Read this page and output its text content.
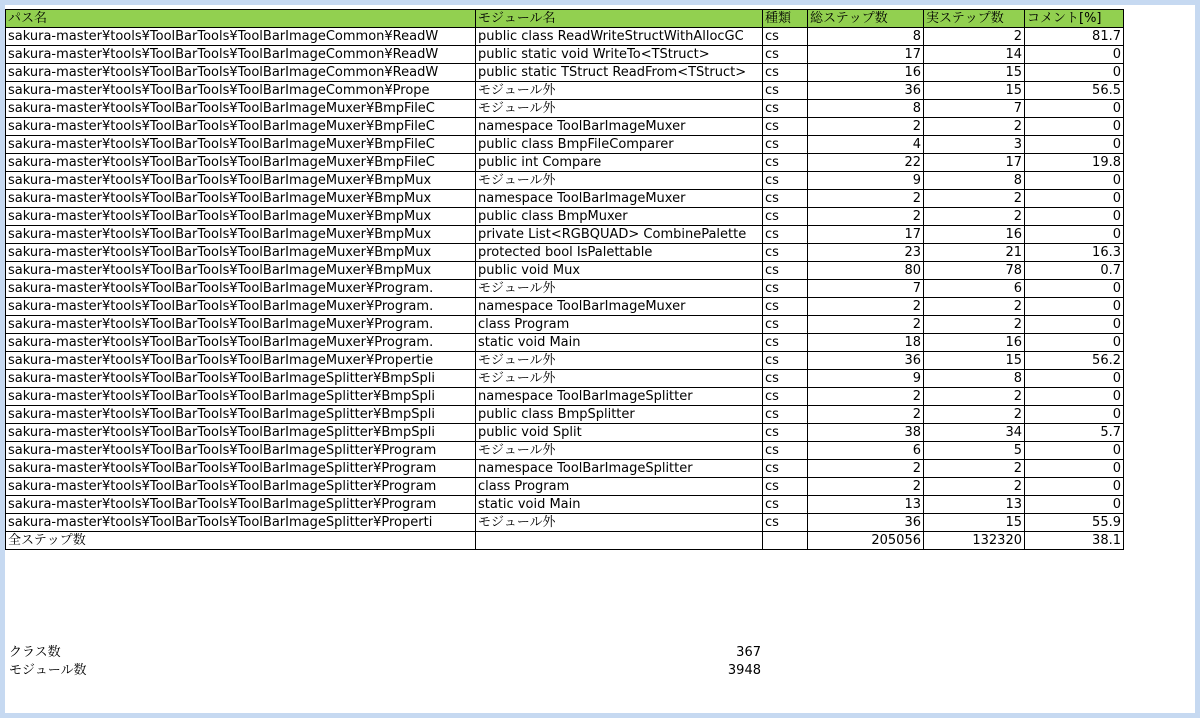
パス名	モジュール名	種類	総ステップ数	実ステップ数	コメント[%]
sakura-master¥tools¥ToolBarTools¥ToolBarImageCommon¥ReadW	public class ReadWriteStructWithAllocGC	cs	8	2	81.7
sakura-master¥tools¥ToolBarTools¥ToolBarImageCommon¥ReadW	public static void WriteTo<TStruct>	cs	17	14	0
sakura-master¥tools¥ToolBarTools¥ToolBarImageCommon¥ReadW	public static TStruct ReadFrom<TStruct>	cs	16	15	0
sakura-master¥tools¥ToolBarTools¥ToolBarImageCommon¥Prope	モジュール外	cs	36	15	56.5
sakura-master¥tools¥ToolBarTools¥ToolBarImageMuxer¥BmpFileC	モジュール外	cs	8	7	0
sakura-master¥tools¥ToolBarTools¥ToolBarImageMuxer¥BmpFileC	namespace ToolBarImageMuxer	cs	2	2	0
sakura-master¥tools¥ToolBarTools¥ToolBarImageMuxer¥BmpFileC	public class BmpFileComparer	cs	4	3	0
sakura-master¥tools¥ToolBarTools¥ToolBarImageMuxer¥BmpFileC	public int Compare	cs	22	17	19.8
sakura-master¥tools¥ToolBarTools¥ToolBarImageMuxer¥BmpMux	モジュール外	cs	9	8	0
sakura-master¥tools¥ToolBarTools¥ToolBarImageMuxer¥BmpMux	namespace ToolBarImageMuxer	cs	2	2	0
sakura-master¥tools¥ToolBarTools¥ToolBarImageMuxer¥BmpMux	public class BmpMuxer	cs	2	2	0
sakura-master¥tools¥ToolBarTools¥ToolBarImageMuxer¥BmpMux	private List<RGBQUAD> CombinePalette	cs	17	16	0
sakura-master¥tools¥ToolBarTools¥ToolBarImageMuxer¥BmpMux	protected bool IsPalettable	cs	23	21	16.3
sakura-master¥tools¥ToolBarTools¥ToolBarImageMuxer¥BmpMux	public void Mux	cs	80	78	0.7
sakura-master¥tools¥ToolBarTools¥ToolBarImageMuxer¥Program.	モジュール外	cs	7	6	0
sakura-master¥tools¥ToolBarTools¥ToolBarImageMuxer¥Program.	namespace ToolBarImageMuxer	cs	2	2	0
sakura-master¥tools¥ToolBarTools¥ToolBarImageMuxer¥Program.	class Program	cs	2	2	0
sakura-master¥tools¥ToolBarTools¥ToolBarImageMuxer¥Program.	static void Main	cs	18	16	0
sakura-master¥tools¥ToolBarTools¥ToolBarImageMuxer¥Propertie	モジュール外	cs	36	15	56.2
sakura-master¥tools¥ToolBarTools¥ToolBarImageSplitter¥BmpSpli	モジュール外	cs	9	8	0
sakura-master¥tools¥ToolBarTools¥ToolBarImageSplitter¥BmpSpli	namespace ToolBarImageSplitter	cs	2	2	0
sakura-master¥tools¥ToolBarTools¥ToolBarImageSplitter¥BmpSpli	public class BmpSplitter	cs	2	2	0
sakura-master¥tools¥ToolBarTools¥ToolBarImageSplitter¥BmpSpli	public void Split	cs	38	34	5.7
sakura-master¥tools¥ToolBarTools¥ToolBarImageSplitter¥Program	モジュール外	cs	6	5	0
sakura-master¥tools¥ToolBarTools¥ToolBarImageSplitter¥Program	namespace ToolBarImageSplitter	cs	2	2	0
sakura-master¥tools¥ToolBarTools¥ToolBarImageSplitter¥Program	class Program	cs	2	2	0
sakura-master¥tools¥ToolBarTools¥ToolBarImageSplitter¥Program	static void Main	cs	13	13	0
sakura-master¥tools¥ToolBarTools¥ToolBarImageSplitter¥Properti	モジュール外	cs	36	15	55.9
全ステップ数			205056	132320	38.1
クラス数	367
モジュール数	3948
